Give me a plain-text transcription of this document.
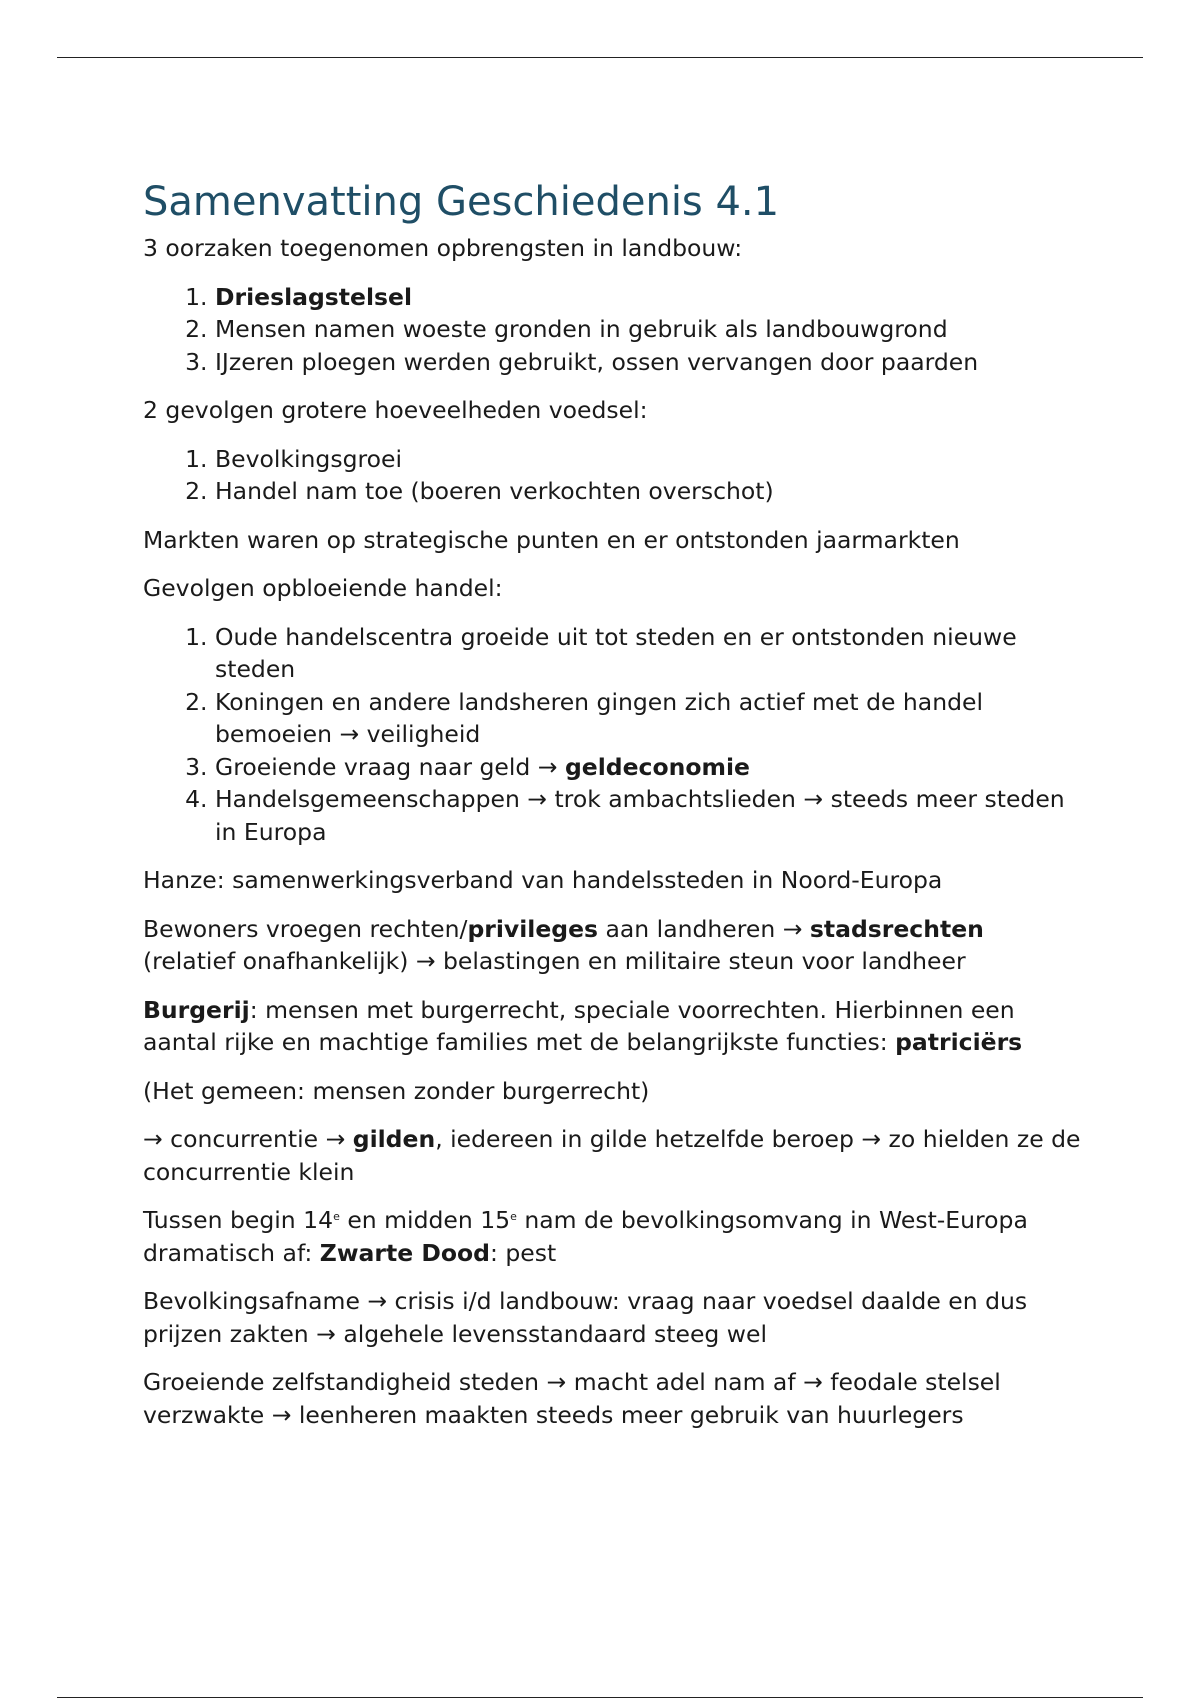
Samenvatting Geschiedenis 4.1

3 oorzaken toegenomen opbrengsten in landbouw:

1. Drieslagstelsel
2. Mensen namen woeste gronden in gebruik als landbouwgrond
3. IJzeren ploegen werden gebruikt, ossen vervangen door paarden

2 gevolgen grotere hoeveelheden voedsel:

1. Bevolkingsgroei
2. Handel nam toe (boeren verkochten overschot)

Markten waren op strategische punten en er ontstonden jaarmarkten

Gevolgen opbloeiende handel:

1. Oude handelscentra groeide uit tot steden en er ontstonden nieuwe steden
2. Koningen en andere landsheren gingen zich actief met de handel bemoeien → veiligheid
3. Groeiende vraag naar geld → geldeconomie
4. Handelsgemeenschappen → trok ambachtslieden → steeds meer steden in Europa

Hanze: samenwerkingsverband van handelssteden in Noord-Europa

Bewoners vroegen rechten/privileges aan landheren → stadsrechten (relatief onafhankelijk) → belastingen en militaire steun voor landheer

Burgerij: mensen met burgerrecht, speciale voorrechten. Hierbinnen een aantal rijke en machtige families met de belangrijkste functies: patriciërs

(Het gemeen: mensen zonder burgerrecht)

→ concurrentie → gilden, iedereen in gilde hetzelfde beroep → zo hielden ze de concurrentie klein

Tussen begin 14e en midden 15e nam de bevolkingsomvang in West-Europa dramatisch af: Zwarte Dood: pest

Bevolkingsafname → crisis i/d landbouw: vraag naar voedsel daalde en dus prijzen zakten → algehele levensstandaard steeg wel

Groeiende zelfstandigheid steden → macht adel nam af → feodale stelsel verzwakte → leenheren maakten steeds meer gebruik van huurlegers
